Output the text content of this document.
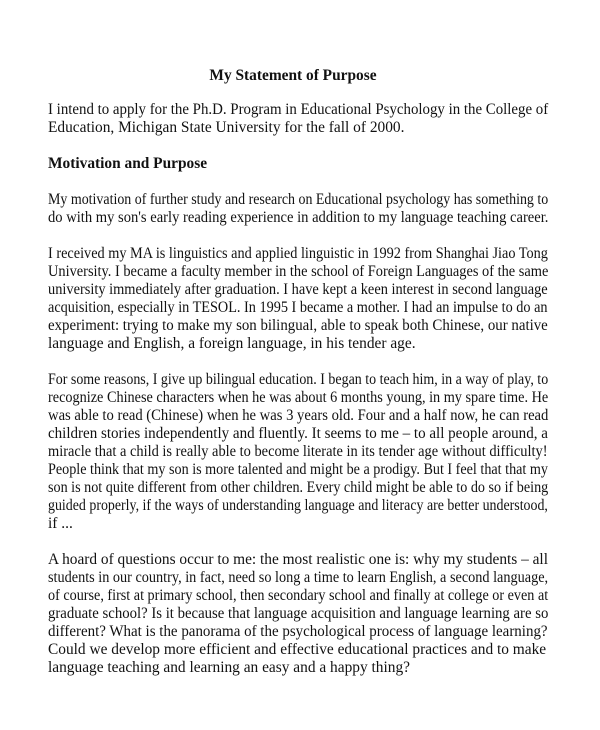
My Statement of Purpose
I intend to apply for the Ph.D. Program in Educational Psychology in the College of
Education, Michigan State University for the fall of 2000.
Motivation and Purpose
My motivation of further study and research on Educational psychology has something to
do with my son's early reading experience in addition to my language teaching career.
I received my MA is linguistics and applied linguistic in 1992 from Shanghai Jiao Tong
University. I became a faculty member in the school of Foreign Languages of the same
university immediately after graduation. I have kept a keen interest in second language
acquisition, especially in TESOL. In 1995 I became a mother. I had an impulse to do an
experiment: trying to make my son bilingual, able to speak both Chinese, our native
language and English, a foreign language, in his tender age.
For some reasons, I give up bilingual education. I began to teach him, in a way of play, to
recognize Chinese characters when he was about 6 months young, in my spare time. He
was able to read (Chinese) when he was 3 years old. Four and a half now, he can read
children stories independently and fluently. It seems to me – to all people around, a
miracle that a child is really able to become literate in its tender age without difficulty!
People think that my son is more talented and might be a prodigy. But I feel that that my
son is not quite different from other children. Every child might be able to do so if being
guided properly, if the ways of understanding language and literacy are better understood,
if ...
A hoard of questions occur to me: the most realistic one is: why my students – all
students in our country, in fact, need so long a time to learn English, a second language,
of course, first at primary school, then secondary school and finally at college or even at
graduate school? Is it because that language acquisition and language learning are so
different? What is the panorama of the psychological process of language learning?
Could we develop more efficient and effective educational practices and to make
language teaching and learning an easy and a happy thing?
